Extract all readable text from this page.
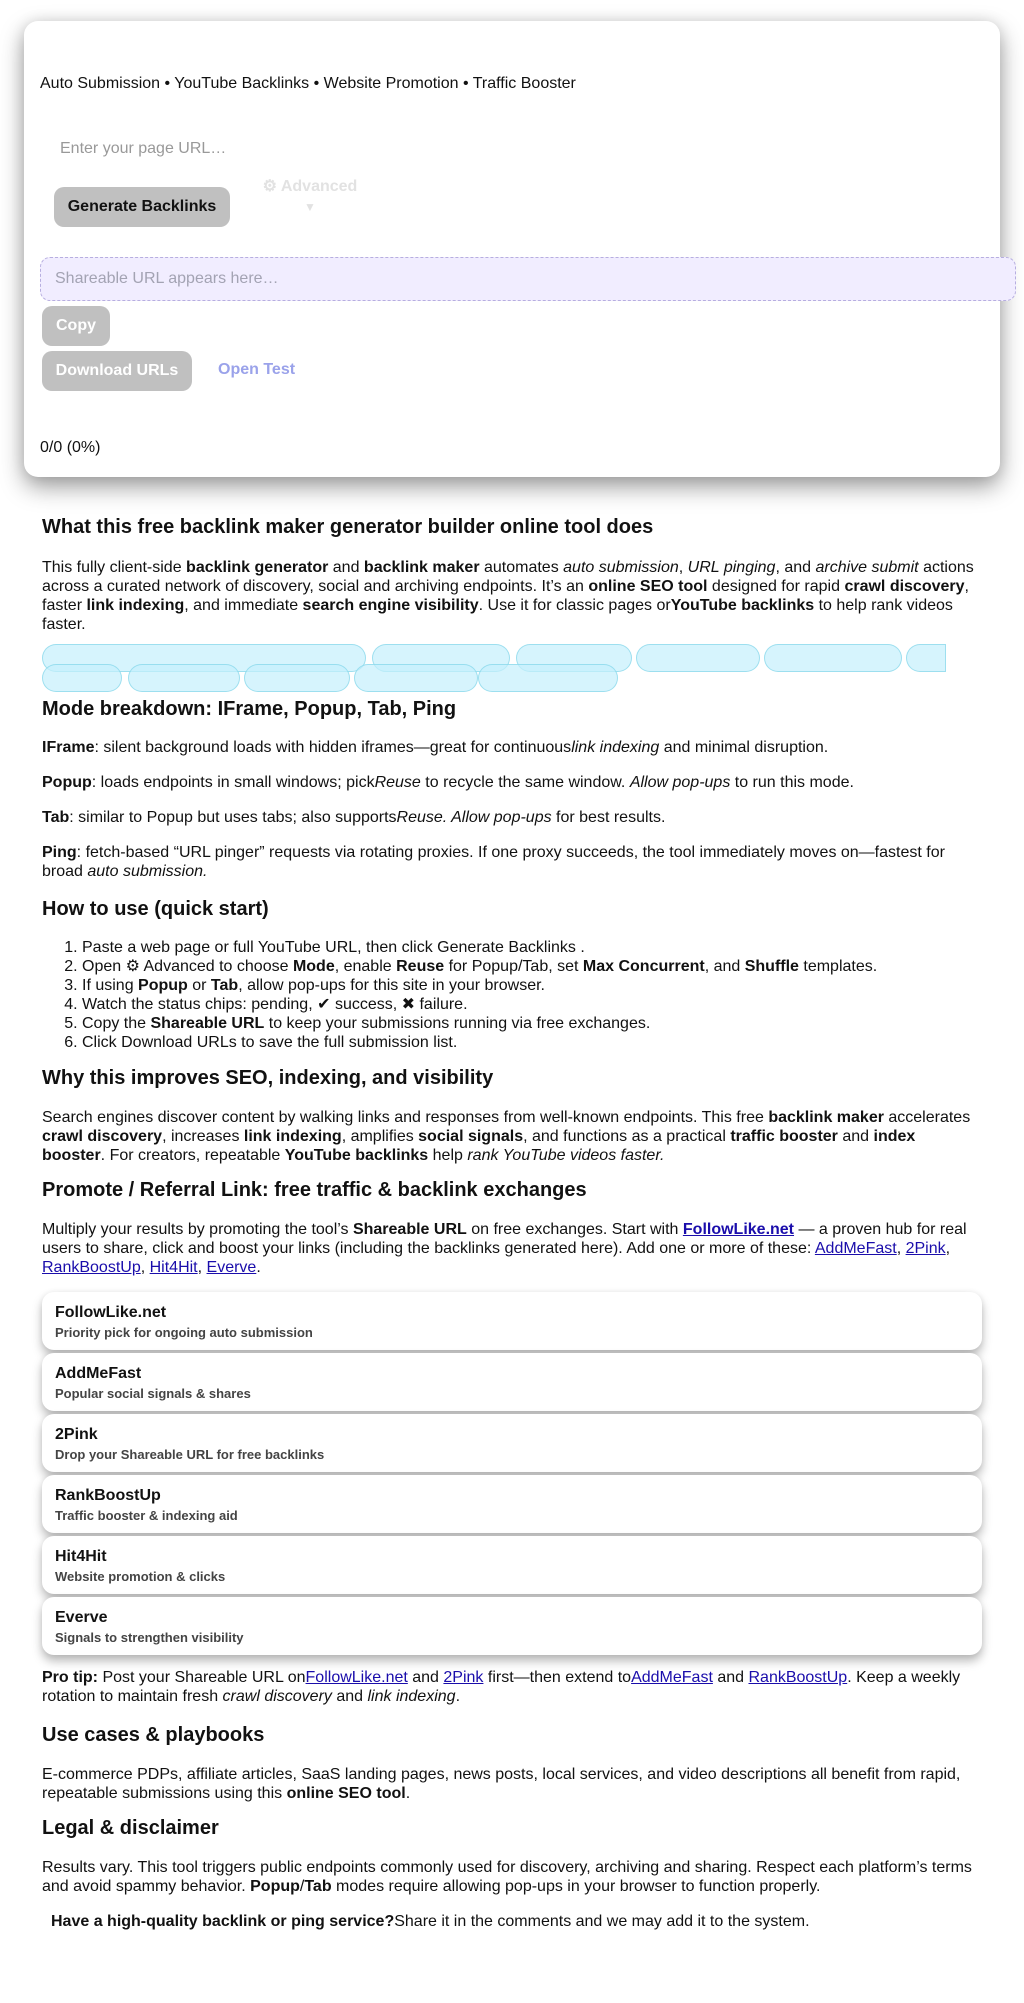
Auto Submission • YouTube Backlinks • Website Promotion • Traffic Booster
Enter your page URL…
Generate Backlinks
⚙ Advanced
▼
Shareable URL appears here…
Copy
Download URLs	Open Test
0/0 (0%)
What this free backlink maker generator builder online tool does

This fully client-side backlink generator and backlink maker automates auto submission, URL pinging, and archive submit actions across a curated network of discovery, social and archiving endpoints. It’s an online SEO tool designed for rapid crawl discovery, faster link indexing, and immediate search engine visibility. Use it for classic pages orYouTube backlinks to help rank videos faster.

Mode breakdown: IFrame, Popup, Tab, Ping

IFrame: silent background loads with hidden iframes—great for continuouslink indexing and minimal disruption.

Popup: loads endpoints in small windows; pickReuse to recycle the same window. Allow pop-ups to run this mode.

Tab: similar to Popup but uses tabs; also supportsReuse. Allow pop-ups for best results.

Ping: fetch-based “URL pinger” requests via rotating proxies. If one proxy succeeds, the tool immediately moves on—fastest for broad auto submission.

How to use (quick start)
1. Paste a web page or full YouTube URL, then click Generate Backlinks .
2. Open ⚙ Advanced to choose Mode, enable Reuse for Popup/Tab, set Max Concurrent, and Shuffle templates.
3. If using Popup or Tab, allow pop-ups for this site in your browser.
4. Watch the status chips: pending, ✔ success, ✖ failure.
5. Copy the Shareable URL to keep your submissions running via free exchanges.
6. Click Download URLs to save the full submission list.
Why this improves SEO, indexing, and visibility

Search engines discover content by walking links and responses from well-known endpoints. This free backlink maker accelerates crawl discovery, increases link indexing, amplifies social signals, and functions as a practical traffic booster and index booster. For creators, repeatable YouTube backlinks help rank YouTube videos faster.

Promote / Referral Link: free traffic & backlink exchanges

Multiply your results by promoting the tool’s Shareable URL on free exchanges. Start with FollowLike.net — a proven hub for real users to share, click and boost your links (including the backlinks generated here). Add one or more of these: AddMeFast, 2Pink, RankBoostUp, Hit4Hit, Everve.

FollowLike.net
Priority pick for ongoing auto submission
AddMeFast
Popular social signals & shares
2Pink
Drop your Shareable URL for free backlinks
RankBoostUp
Traffic booster & indexing aid
Hit4Hit
Website promotion & clicks
Everve
Signals to strengthen visibility

Pro tip: Post your Shareable URL onFollowLike.net and 2Pink first—then extend toAddMeFast and RankBoostUp. Keep a weekly rotation to maintain fresh crawl discovery and link indexing.

Use cases & playbooks

E-commerce PDPs, affiliate articles, SaaS landing pages, news posts, local services, and video descriptions all benefit from rapid, repeatable submissions using this online SEO tool.

Legal & disclaimer

Results vary. This tool triggers public endpoints commonly used for discovery, archiving and sharing. Respect each platform’s terms and avoid spammy behavior. Popup/Tab modes require allowing pop-ups in your browser to function properly.

Have a high-quality backlink or ping service?Share it in the comments and we may add it to the system.
